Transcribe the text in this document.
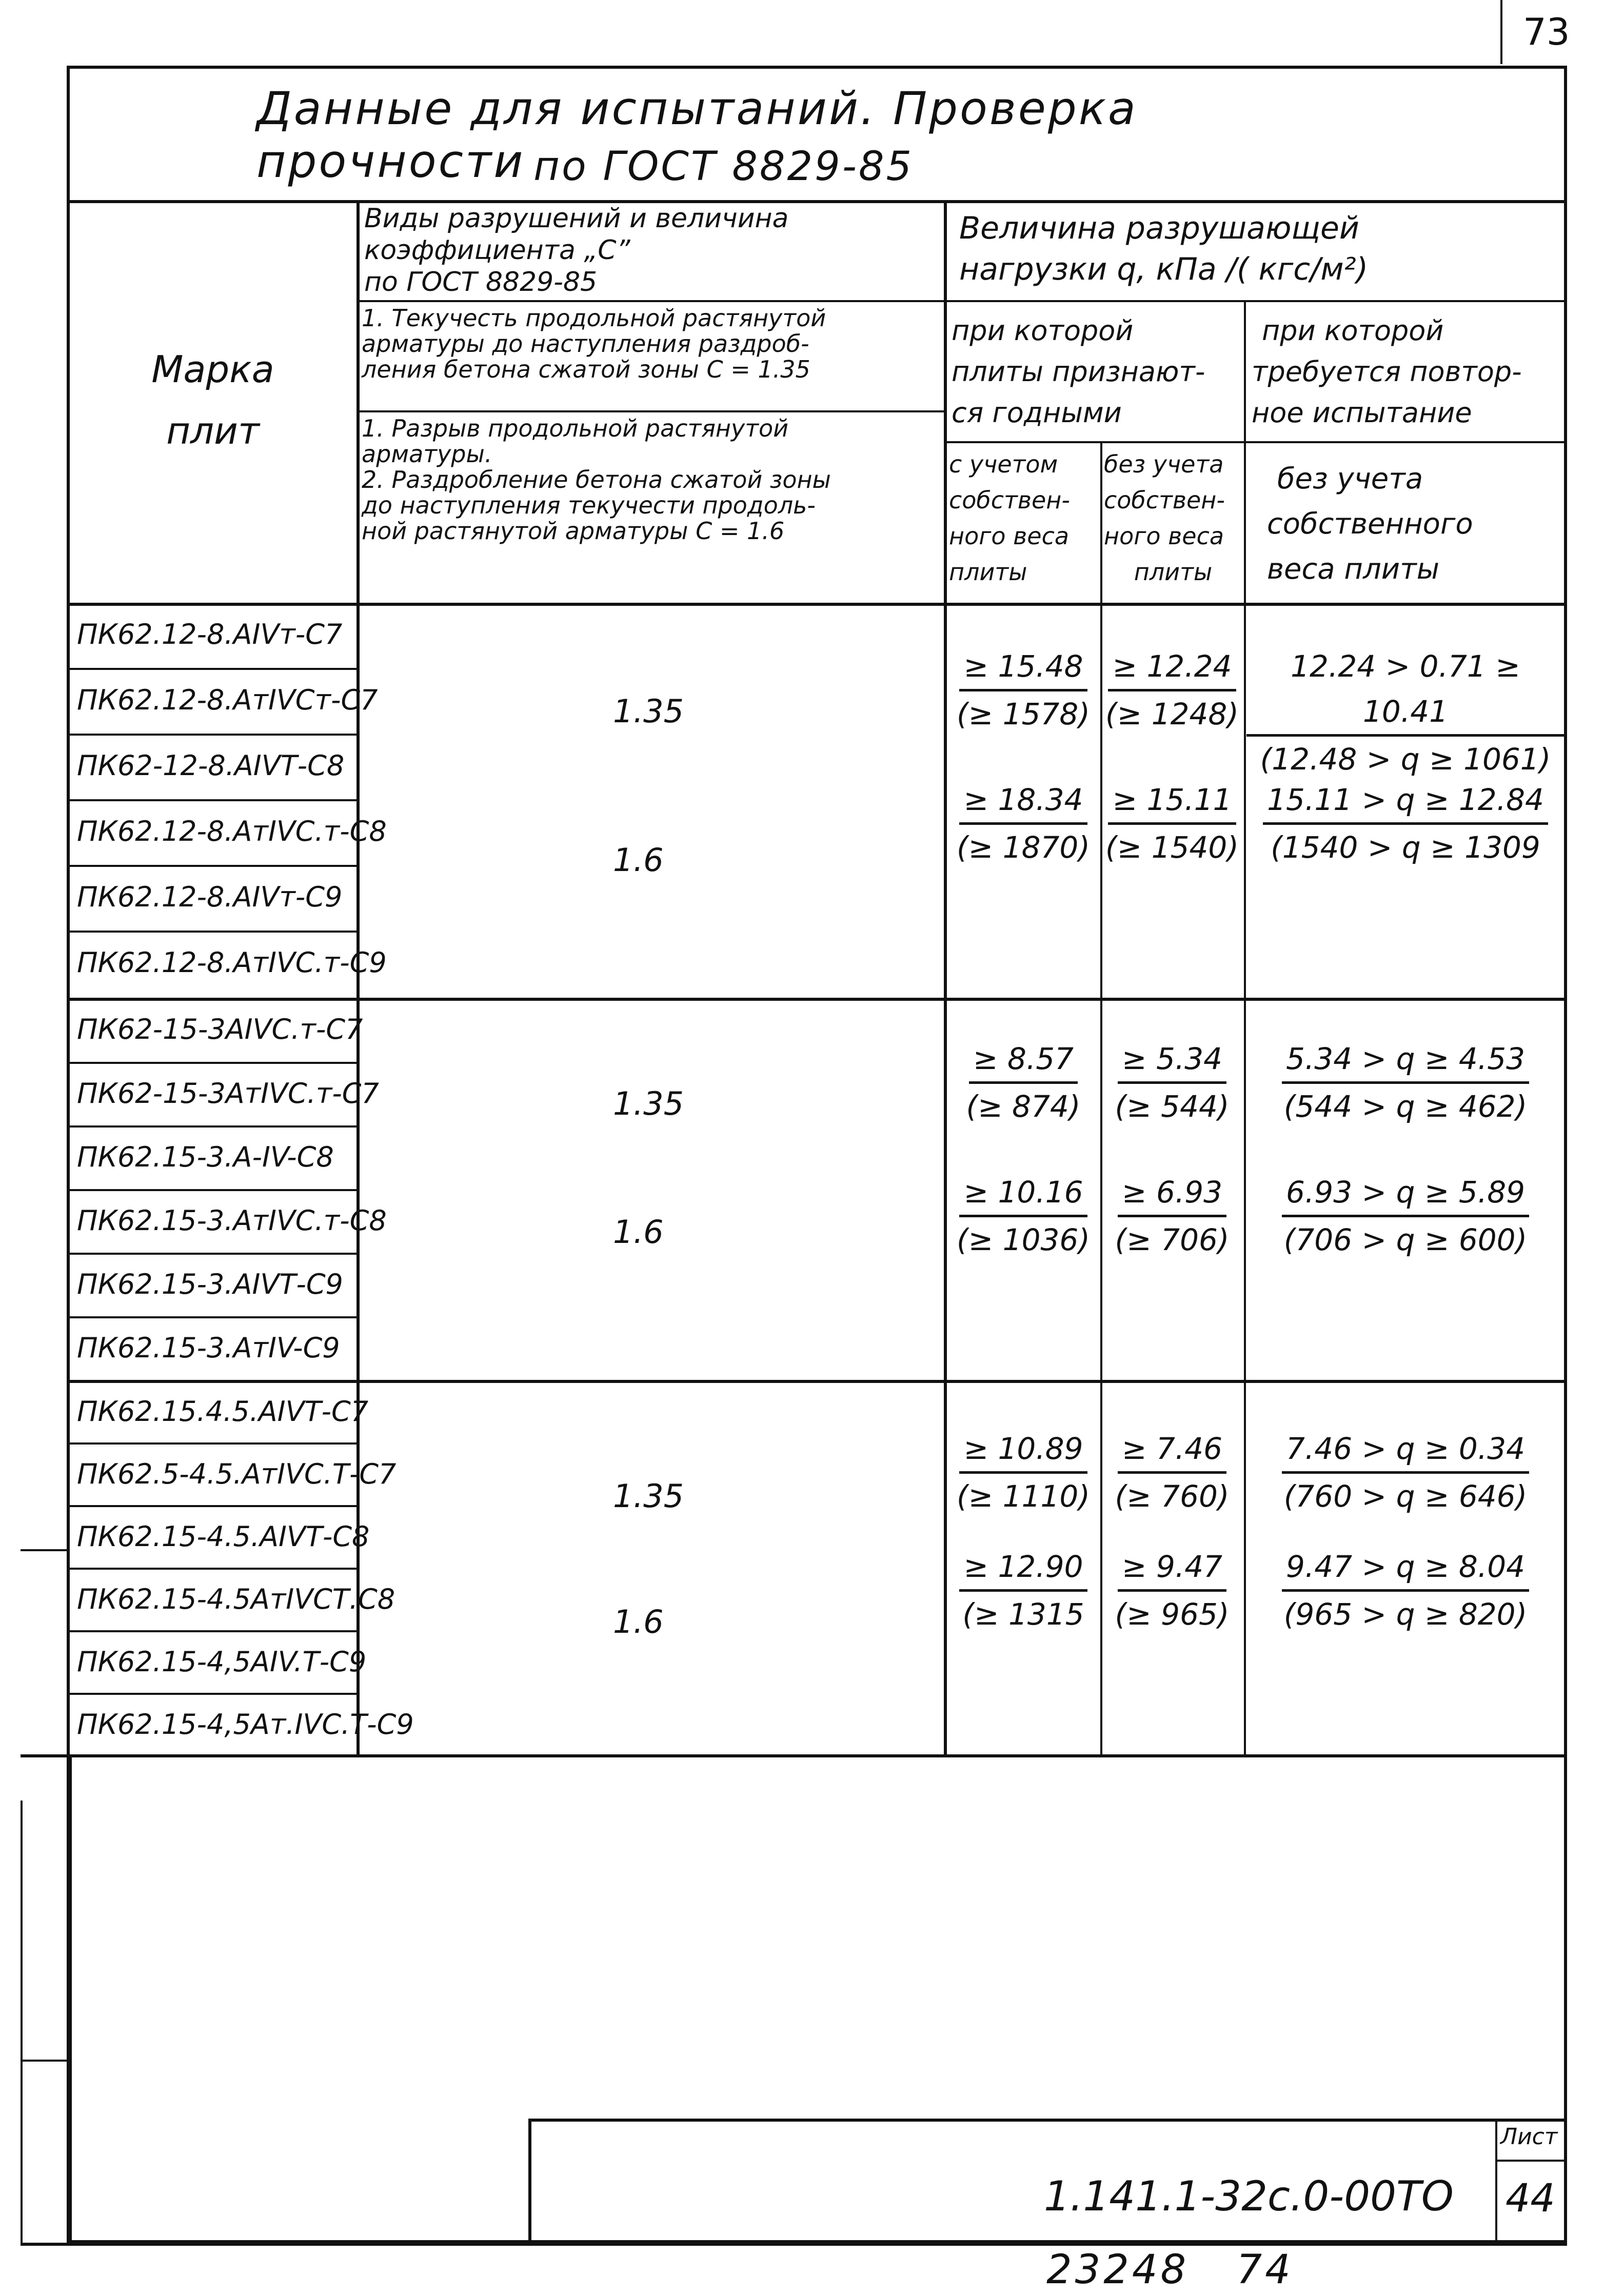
73
Данные для испытаний. Проверка прочности по ГОСТ 8829-85
Марка
плит
Виды разрушений и величина
коэффициента „С”
по ГОСТ 8829-85
1. Текучесть продольной растянутой
арматуры до наступления раздроб-
ления бетона сжатой зоны С = 1.35
1. Разрыв продольной растянутой
арматуры.
2. Раздробление бетона сжатой зоны
до наступления текучести продоль-
ной растянутой арматуры С = 1.6
Величина разрушающей
нагрузки q, кПа /( кгс/м²)
при которой
плиты признают-
ся годными
при которой
требуется повтор-
ное испытание
с учетом
собствен-
ного веса
плиты
без учета
собствен-
ного веса
плиты
без учета
собственного
веса плиты
ПК62.12-8.AIVт-С7
ПК62.12-8.АтIVСт-С7
ПК62-12-8.AIVТ-С8
ПК62.12-8.АтIVС.т-С8
ПК62.12-8.AIVт-С9
ПК62.12-8.АтIVС.т-С9
1.35
1.6
$\frac{\ge 15.48}{(\ge 1578)} \frac{\ge 12.24}{(\ge 1248)} \frac{12.24 > 0.71 \ge 10.41}{(12.48 > q \ge 1061)}$
$\frac{\ge 18.34}{(\ge 1870)} \frac{\ge 15.11}{(\ge 1540)} \frac{15.11 > q \ge 12.84}{(1540 > q \ge 1309}$
ПК62-15-3AIVС.т-С7
ПК62-15-3АтIVС.т-С7
ПК62.15-3.А-IV-С8
ПК62.15-3.АтIVС.т-С8
ПК62.15-3.AIVТ-С9
ПК62.15-3.АтIV-С9
1.35
1.6
$\frac{\ge 8.57}{(\ge 874)} \frac{\ge 5.34}{(\ge 544)} \frac{5.34 > q \ge 4.53}{(544 > q \ge 462)}$
$\frac{\ge 10.16}{(\ge 1036)} \frac{\ge 6.93}{(\ge 706)} \frac{6.93 > q \ge 5.89}{(706 > q \ge 600)}$
ПК62.15.4.5.AIVТ-С7
ПК62.5-4.5.АтIVС.Т-С7
ПК62.15-4.5.AIVТ-С8
ПК62.15-4.5АтIVСТ.С8
ПК62.15-4,5AIV.Т-С9
ПК62.15-4,5Ат.IVС.Т-С9
1.35
1.6
$\frac{\ge 10.89}{(\ge 1110)} \frac{\ge 7.46}{(\ge 760)} \frac{7.46 > q \ge 0.34}{(760 > q \ge 646)}$
$\frac{\ge 12.90}{(\ge 1315} \frac{\ge 9.47}{(\ge 965)} \frac{9.47 > q \ge 8.04}{(965 > q \ge 820)}$
Лист
44
1.141.1-32с.0-00ТО
23248   74
